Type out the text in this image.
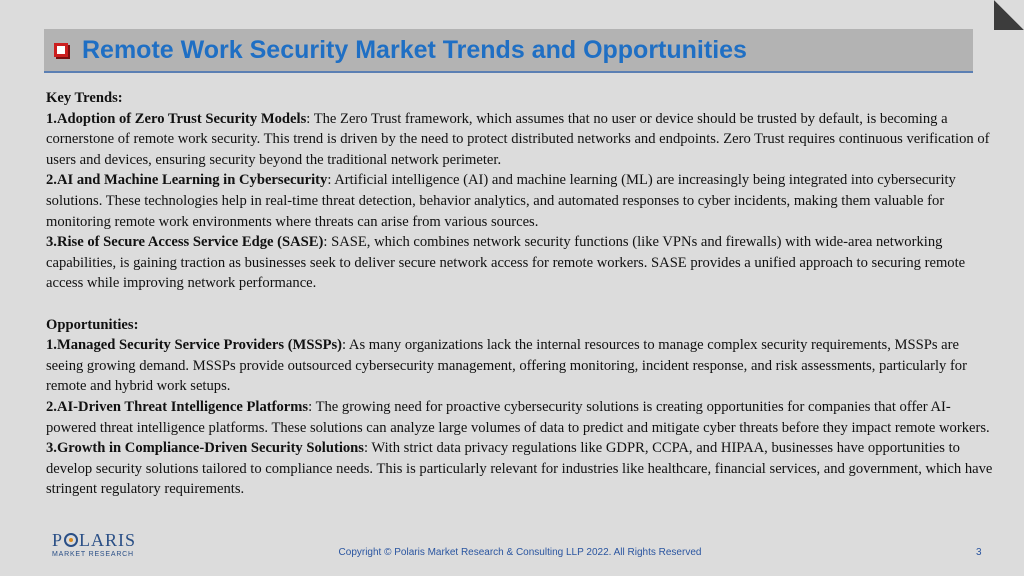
Remote Work Security Market Trends and Opportunities

Key Trends:

1.Adoption of Zero Trust Security Models: The Zero Trust framework, which assumes that no user or device should be trusted by default, is becoming a cornerstone of remote work security. This trend is driven by the need to protect distributed networks and endpoints. Zero Trust requires continuous verification of users and devices, ensuring security beyond the traditional network perimeter.

2.AI and Machine Learning in Cybersecurity: Artificial intelligence (AI) and machine learning (ML) are increasingly being integrated into cybersecurity solutions. These technologies help in real-time threat detection, behavior analytics, and automated responses to cyber incidents, making them valuable for monitoring remote work environments where threats can arise from various sources.

3.Rise of Secure Access Service Edge (SASE): SASE, which combines network security functions (like VPNs and firewalls) with wide-area networking capabilities, is gaining traction as businesses seek to deliver secure network access for remote workers. SASE provides a unified approach to securing remote access while improving network performance.

Opportunities:

1.Managed Security Service Providers (MSSPs): As many organizations lack the internal resources to manage complex security requirements, MSSPs are seeing growing demand. MSSPs provide outsourced cybersecurity management, offering monitoring, incident response, and risk assessments, particularly for remote and hybrid work setups.

2.AI-Driven Threat Intelligence Platforms: The growing need for proactive cybersecurity solutions is creating opportunities for companies that offer AI-powered threat intelligence platforms. These solutions can analyze large volumes of data to predict and mitigate cyber threats before they impact remote workers.

3.Growth in Compliance-Driven Security Solutions: With strict data privacy regulations like GDPR, CCPA, and HIPAA, businesses have opportunities to develop security solutions tailored to compliance needs. This is particularly relevant for industries like healthcare, financial services, and government, which have stringent regulatory requirements.

P LARIS
MARKET RESEARCH	Copyright © Polaris Market Research & Consulting LLP 2022. All Rights Reserved	3
